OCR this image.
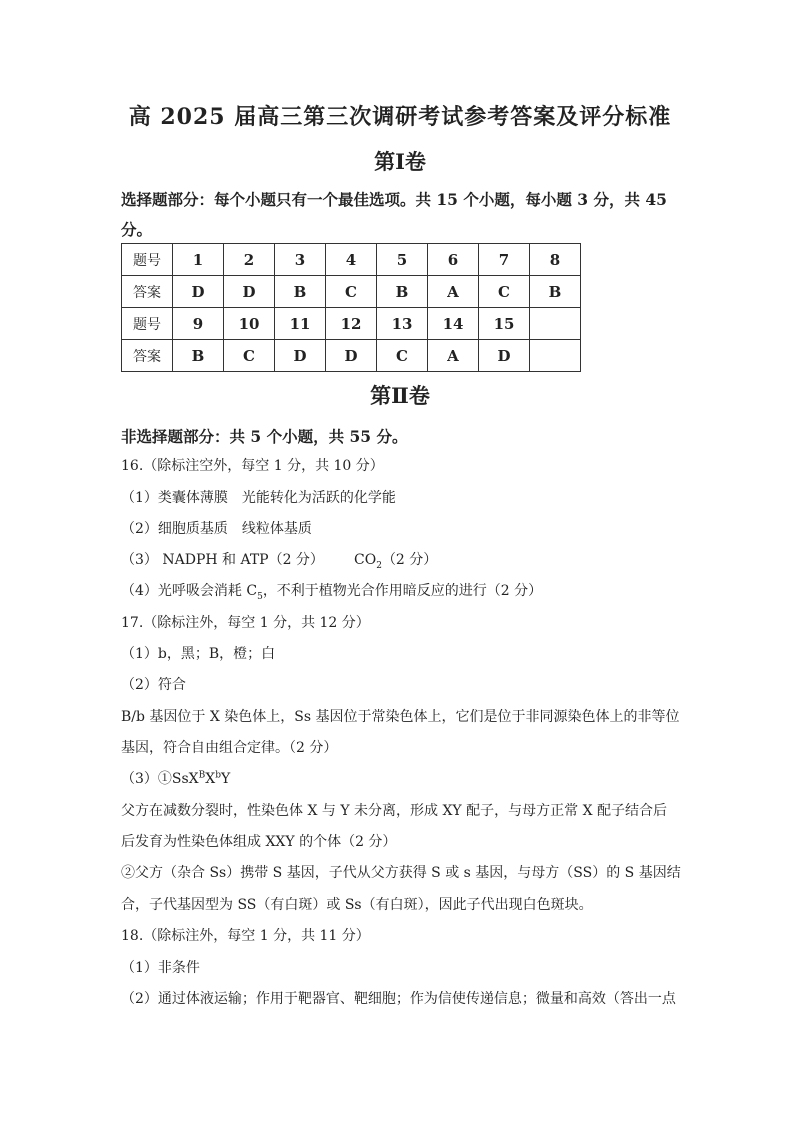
高 2025 届高三第三次调研考试参考答案及评分标准
第Ⅰ卷
选择题部分：每个小题只有一个最佳选项。共 15 个小题，每小题 3 分，共 45
分。
题号	1	2	3	4	5	6	7	8
答案	D	D	B	C	B	A	C	B
题号	9	10	11	12	13	14	15	
答案	B	C	D	D	C	A	D	
第Ⅱ卷
非选择题部分：共 5 个小题，共 55 分。
16.（除标注空外，每空 1 分，共 10 分）
（1）类囊体薄膜　光能转化为活跃的化学能
（2）细胞质基质　线粒体基质
（3） NADPH 和 ATP（2 分） $CO_2(2$ 分）
（4）光呼吸会消耗 $C_5$，不利于植物光合作用暗反应的进行（2 分）
17.（除标注外，每空 1 分，共 12 分）
（1）b，黑；B，橙；白
（2）符合
B/b 基因位于 X 染色体上，Ss 基因位于常染色体上，它们是位于非同源染色体上的非等位
基因，符合自由组合定律。（2 分）
$(3)①SsX^BX^bY$
父方在减数分裂时，性染色体 X 与 Y 未分离，形成 XY 配子，与母方正常 X 配子结合后
后发育为性染色体组成 XXY 的个体（2 分）
②父方（杂合 Ss）携带 S 基因，子代从父方获得 S 或 s 基因，与母方（SS）的 S 基因结
合，子代基因型为 SS（有白斑）或 Ss（有白斑），因此子代出现白色斑块。
18.（除标注外，每空 1 分，共 11 分）
（1）非条件
（2）通过体液运输；作用于靶器官、靶细胞；作为信使传递信息；微量和高效（答出一点
